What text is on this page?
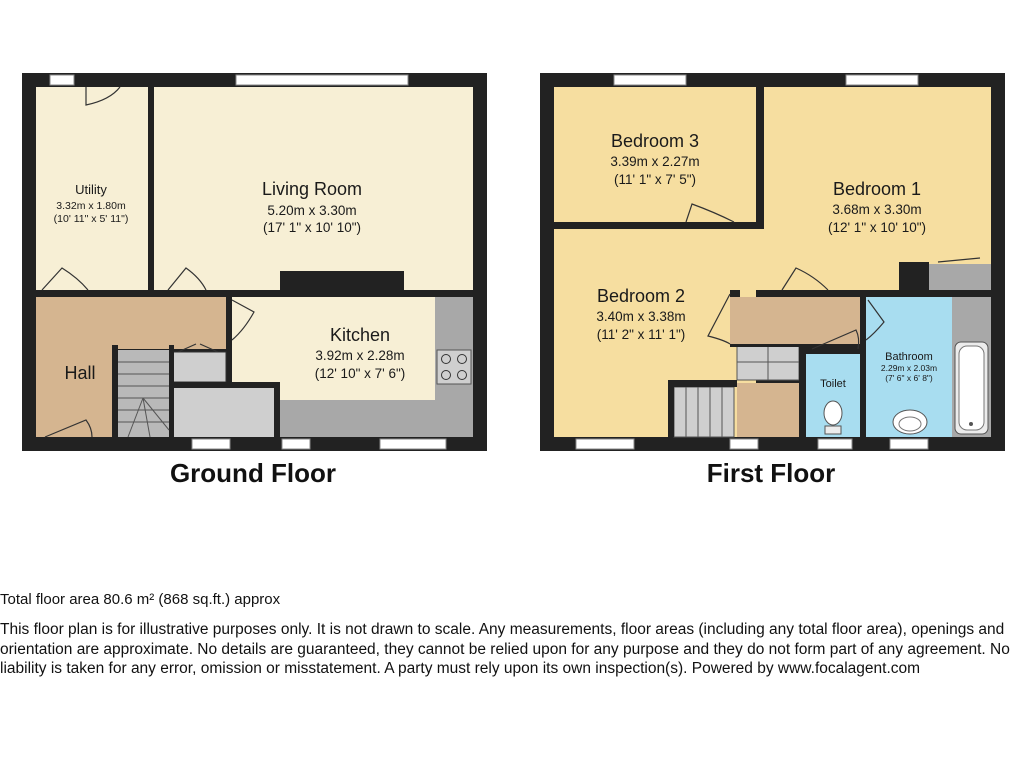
Utility
3.32m x 1.80m
(10' 11" x 5' 11")
Living Room
5.20m x 3.30m
(17' 1" x 10' 10")
Kitchen
3.92m x 2.28m
(12' 10" x 7' 6")
Hall
Bedroom 3
3.39m x 2.27m
(11' 1" x 7' 5")	Bedroom 1
3.68m x 3.30m
(12' 1" x 10' 10")
Bedroom 2
3.40m x 3.38m
(11' 2" x 11' 1")
Bathroom
2.29m x 2.03m
(7' 6" x 6' 8")
Toilet
Ground Floor	First Floor
Total floor area 80.6 m² (868 sq.ft.) approx
This floor plan is for illustrative purposes only. It is not drawn to scale. Any measurements, floor areas (including any total floor area), openings and orientation are approximate. No details are guaranteed, they cannot be relied upon for any purpose and they do not form part of any agreement. No liability is taken for any error, omission or misstatement. A party must rely upon its own inspection(s). Powered by www.focalagent.com
